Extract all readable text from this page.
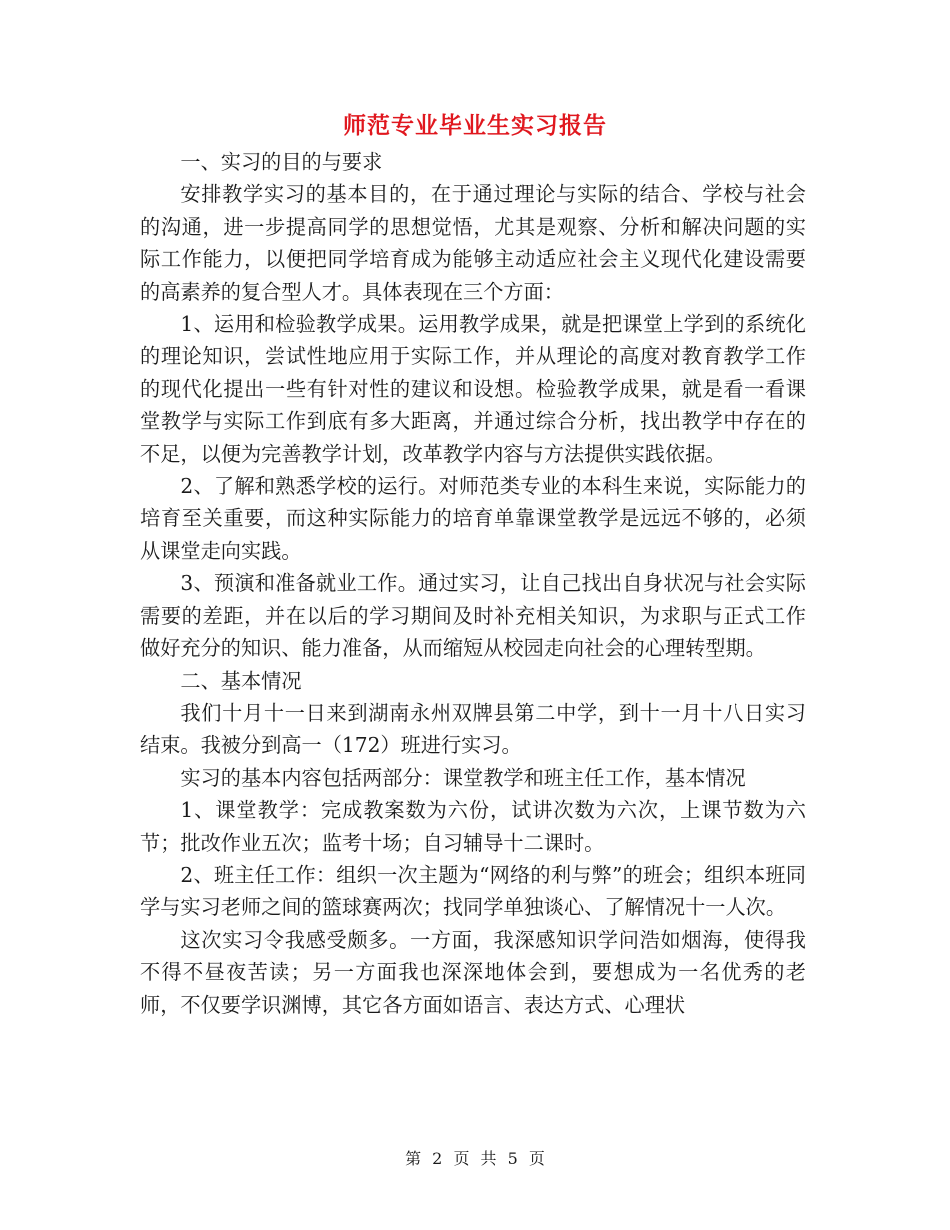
师范专业毕业生实习报告

一、实习的目的与要求

安排教学实习的基本目的，在于通过理论与实际的结合、学校与社会的沟通，进一步提高同学的思想觉悟，尤其是观察、分析和解决问题的实际工作能力，以便把同学培育成为能够主动适应社会主义现代化建设需要的高素养的复合型人才。具体表现在三个方面：

1、运用和检验教学成果。运用教学成果，就是把课堂上学到的系统化的理论知识，尝试性地应用于实际工作，并从理论的高度对教育教学工作的现代化提出一些有针对性的建议和设想。检验教学成果，就是看一看课堂教学与实际工作到底有多大距离，并通过综合分析，找出教学中存在的不足，以便为完善教学计划，改革教学内容与方法提供实践依据。

2、了解和熟悉学校的运行。对师范类专业的本科生来说，实际能力的培育至关重要，而这种实际能力的培育单靠课堂教学是远远不够的，必须从课堂走向实践。

3、预演和准备就业工作。通过实习，让自己找出自身状况与社会实际需要的差距，并在以后的学习期间及时补充相关知识，为求职与正式工作做好充分的知识、能力准备，从而缩短从校园走向社会的心理转型期。

二、基本情况

我们十月十一日来到湖南永州双牌县第二中学，到十一月十八日实习结束。我被分到高一（172）班进行实习。

实习的基本内容包括两部分：课堂教学和班主任工作，基本情况

1、课堂教学：完成教案数为六份，试讲次数为六次，上课节数为六节；批改作业五次；监考十场；自习辅导十二课时。

2、班主任工作：组织一次主题为“网络的利与弊”的班会；组织本班同学与实习老师之间的篮球赛两次；找同学单独谈心、了解情况十一人次。

这次实习令我感受颇多。一方面，我深感知识学问浩如烟海，使得我不得不昼夜苦读；另一方面我也深深地体会到，要想成为一名优秀的老师，不仅要学识渊博，其它各方面如语言、表达方式、心理状

第 2 页 共 5 页
